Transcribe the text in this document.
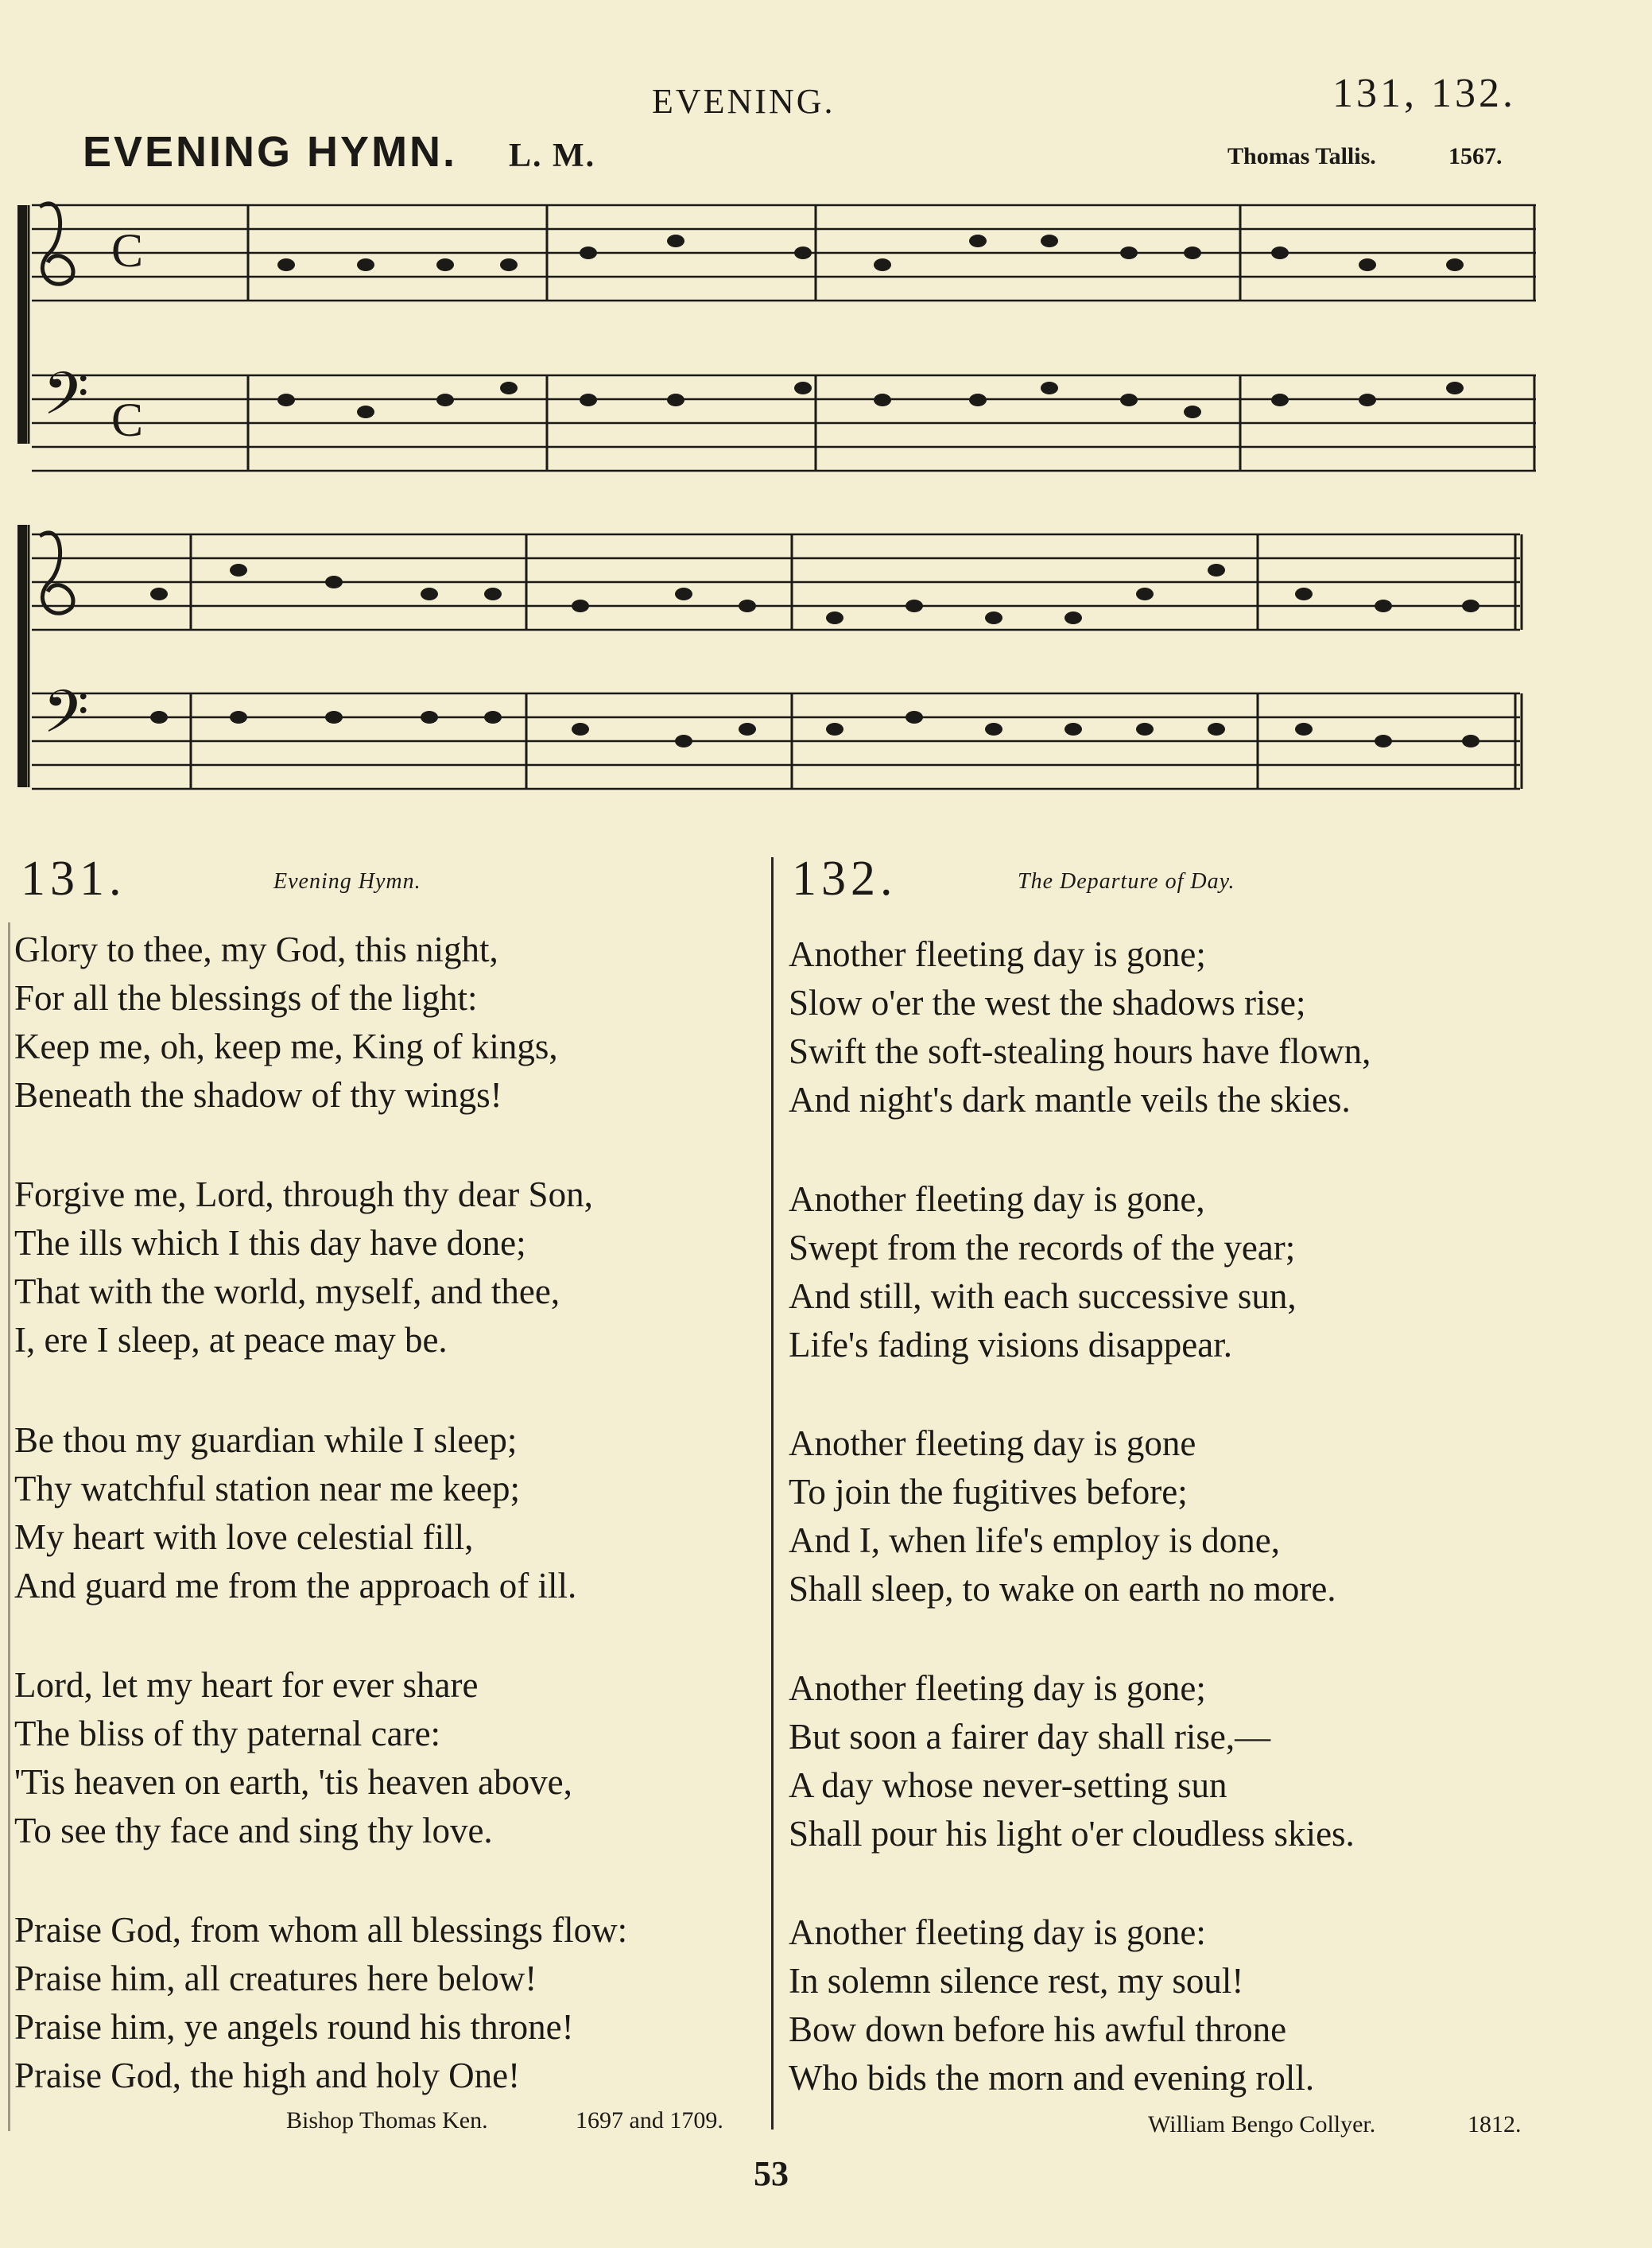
EVENING.	131, 132.
EVENING HYMN. L. M.	Thomas Tallis.	1567.
𝄢
C
C
𝄢
131.	Evening Hymn.
Glory to thee, my God, this night,
For all the blessings of the light:
Keep me, oh, keep me, King of kings,
Beneath the shadow of thy wings!
Forgive me, Lord, through thy dear Son,
The ills which I this day have done;
That with the world, myself, and thee,
I, ere I sleep, at peace may be.
Be thou my guardian while I sleep;
Thy watchful station near me keep;
My heart with love celestial fill,
And guard me from the approach of ill.
Lord, let my heart for ever share
The bliss of thy paternal care:
'Tis heaven on earth, 'tis heaven above,
To see thy face and sing thy love.
Praise God, from whom all blessings flow:
Praise him, all creatures here below!
Praise him, ye angels round his throne!
Praise God, the high and holy One!
Bishop Thomas Ken.	1697 and 1709.
132.	The Departure of Day.
Another fleeting day is gone;
Slow o'er the west the shadows rise;
Swift the soft-stealing hours have flown,
And night's dark mantle veils the skies.
Another fleeting day is gone,
Swept from the records of the year;
And still, with each successive sun,
Life's fading visions disappear.
Another fleeting day is gone
To join the fugitives before;
And I, when life's employ is done,
Shall sleep, to wake on earth no more.
Another fleeting day is gone;
But soon a fairer day shall rise,—
A day whose never-setting sun
Shall pour his light o'er cloudless skies.
Another fleeting day is gone:
In solemn silence rest, my soul!
Bow down before his awful throne
Who bids the morn and evening roll.
William Bengo Collyer.	1812.
53
